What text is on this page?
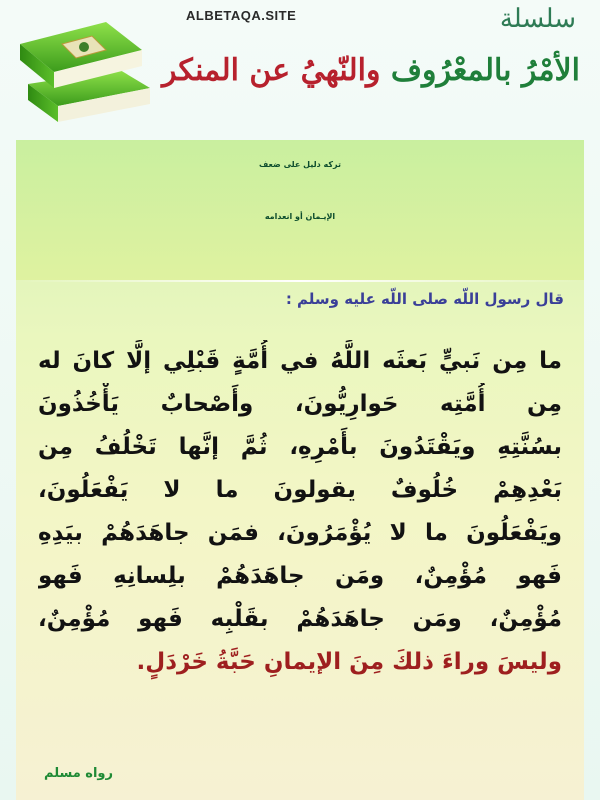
ALBETAQA.SITE	سلسلة
الأمْرُ بالمعْرُوف والنّهيُ عن المنكر
تركه دليل على ضعف
الإيـمان أو انعدامه
قال رسول اللّه صلى اللّه عليه وسلم :
ما مِن نَبيٍّ بَعثَه اللَّهُ في أُمَّةٍ قَبْلِي إلَّا كانَ له
مِن أُمَّتِه حَوارِيُّونَ، وأَصْحابٌ يَأْخُذُونَ
بسُنَّتِهِ ويَقْتَدُونَ بأَمْرِهِ، ثُمَّ إنَّها تَخْلُفُ مِن
بَعْدِهِمْ خُلُوفٌ يقولونَ ما لا يَفْعَلُونَ،
ويَفْعَلُونَ ما لا يُؤْمَرُونَ، فمَن جاهَدَهُمْ بيَدِهِ
فَهو مُؤْمِنٌ، ومَن جاهَدَهُمْ بلِسانِهِ فَهو
مُؤْمِنٌ، ومَن جاهَدَهُمْ بقَلْبِه فَهو مُؤْمِنٌ،
وليسَ وراءَ ذلكَ مِنَ الإيمانِ حَبَّةُ خَرْدَلٍ.
رواه مسلم
